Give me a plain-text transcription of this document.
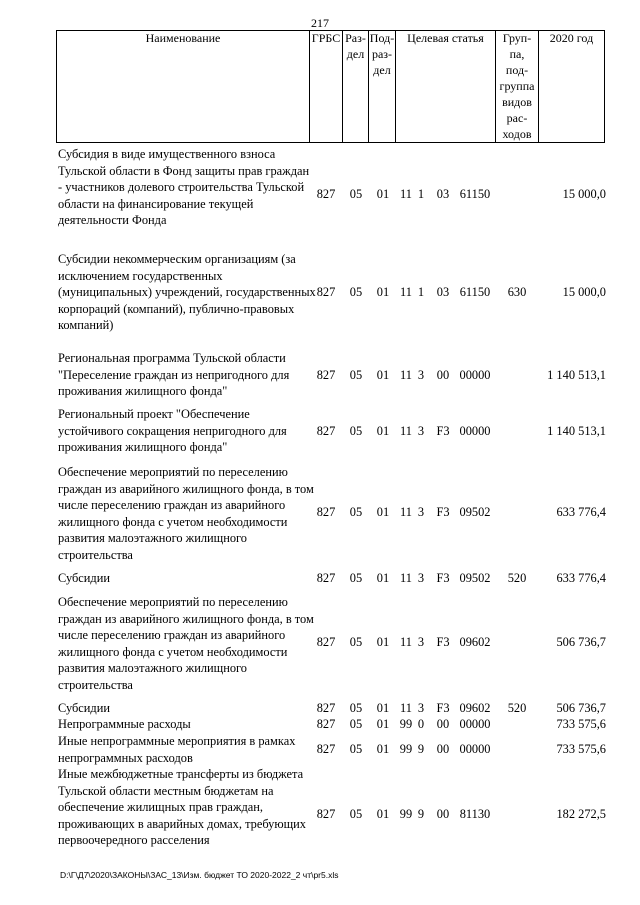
217
Наименование	ГРБС Раз-
дел
Под-
раз-
дел
Целевая статья	Груп-
па,
под-
группа
видов
рас-
ходов
2020 год
Субсидия в виде имущественного взноса Тульской области в Фонд защиты прав граждан - участников долевого строительства Тульской области на финансирование текущей деятельности Фонда
827	05	01 11 1	03 61150	15 000,0
Субсидии некоммерческим организациям (за исключением государственных (муниципальных) учреждений, государственных корпораций (компаний), публично-правовых компаний)
827	05	01 11 1	03 61150	630	15 000,0
Региональная программа Тульской области "Переселение граждан из непригодного для проживания жилищного фонда"
827	05	01 11 3	00 00000	1 140 513,1
Региональный проект "Обеспечение устойчивого сокращения непригодного для проживания жилищного фонда"
827	05	01 11 3 F3 00000	1 140 513,1
Обеспечение мероприятий по переселению граждан из аварийного жилищного фонда, в том числе переселению граждан из аварийного жилищного фонда с учетом необходимости развития малоэтажного жилищного строительства
827	05	01 11 3 F3 09502	633 776,4
Субсидии	827	05	01 11 3 F3 09502	520	633 776,4
Обеспечение мероприятий по переселению граждан из аварийного жилищного фонда, в том числе переселению граждан из аварийного жилищного фонда с учетом необходимости развития малоэтажного жилищного строительства
827	05	01 11 3 F3 09602	506 736,7
Субсидии	827	05	01 11 3 F3 09602	520	506 736,7
Непрограммные расходы	827	05	01 99 0	00 00000	733 575,6
Иные непрограммные мероприятия в рамках непрограммных расходов
827	05	01 99 9	00 00000	733 575,6
Иные межбюджетные трансферты из бюджета Тульской области местным бюджетам на обеспечение жилищных прав граждан, проживающих в аварийных домах, требующих первоочередного расселения
827	05	01 99 9	00 81130	182 272,5
D:\Г\Д7\2020\ЗАКОНЫ\ЗАС_13\Изм. бюджет ТО 2020-2022_2 чт\pr5.xls
